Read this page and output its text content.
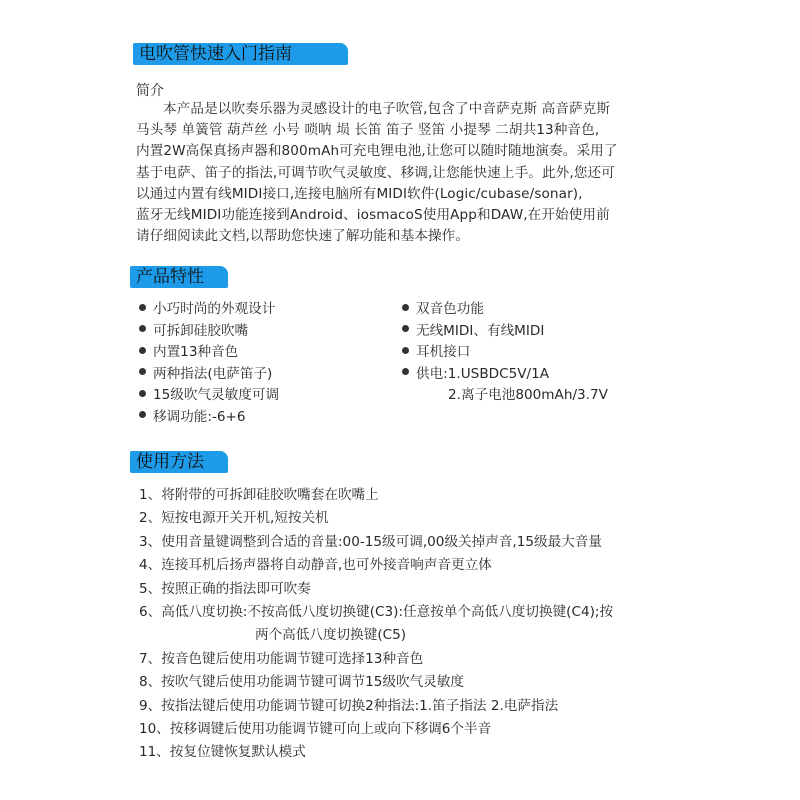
电吹管快速入门指南
简介
本产品是以吹奏乐器为灵感设计的电子吹管,包含了中音萨克斯 高音萨克斯
马头琴 单簧管 葫芦丝 小号 唢呐 埙 长笛 笛子 竖笛 小提琴 二胡共13种音色,
内置2W高保真扬声器和800mAh可充电锂电池,让您可以随时随地演奏。采用了
基于电萨、笛子的指法,可调节吹气灵敏度、移调,让您能快速上手。此外,您还可
以通过内置有线MIDI接口,连接电脑所有MIDI软件(Logic/cubase/sonar),
蓝牙无线MIDI功能连接到Android、iosmacoS使用App和DAW,在开始使用前
请仔细阅读此文档,以帮助您快速了解功能和基本操作。
产品特性
小巧时尚的外观设计
可拆卸硅胶吹嘴
内置13种音色
两种指法(电萨笛子)
15级吹气灵敏度可调
移调功能:-6+6
双音色功能
无线MIDI、有线MIDI
耳机接口
供电:1.USBDC5V/1A
2.离子电池800mAh/3.7V
使用方法
1、将附带的可拆卸硅胶吹嘴套在吹嘴上
2、短按电源开关开机,短按关机
3、使用音量键调整到合适的音量:00-15级可调,00级关掉声音,15级最大音量
4、连接耳机后扬声器将自动静音,也可外接音响声音更立体
5、按照正确的指法即可吹奏
6、高低八度切换:不按高低八度切换键(C3):任意按单个高低八度切换键(C4);按
两个高低八度切换键(C5)
7、按音色键后使用功能调节键可选择13种音色
8、按吹气键后使用功能调节键可调节15级吹气灵敏度
9、按指法键后使用功能调节键可切换2种指法:1.笛子指法 2.电萨指法
10、按移调键后使用功能调节键可向上或向下移调6个半音
11、按复位键恢复默认模式
